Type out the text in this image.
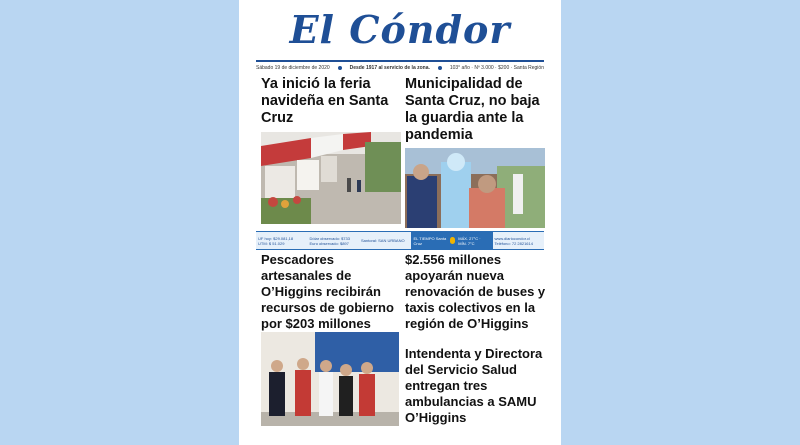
El Cóndor
Sábado 19 de diciembre de 2020	Desde 1917 al servicio de la zona.	103° año · Nº 3.000 · $200 · Santa Región
Ya inició la feria navideña en Santa Cruz
Municipalidad de Santa Cruz, no baja la guardia ante la pandemia
UF hoy: $29.081,18
UTM: $ 51.029
Dólar observado: $733
Euro observado: $897	Santoral: SAN URBANO	EL TIEMPO Santa Cruz
MÁX. 27°C · MÍN. 7°C
www.diariocondor.cl
Teléfono: 72 2821614
Pescadores artesanales de O’Higgins recibirán recursos de gobierno por $203 millones
$2.556 millones apoyarán nueva renovación de buses y taxis colectivos en la región de O’Higgins
Intendenta y Directora del Servicio Salud entregan tres ambulancias a SAMU O’Higgins
